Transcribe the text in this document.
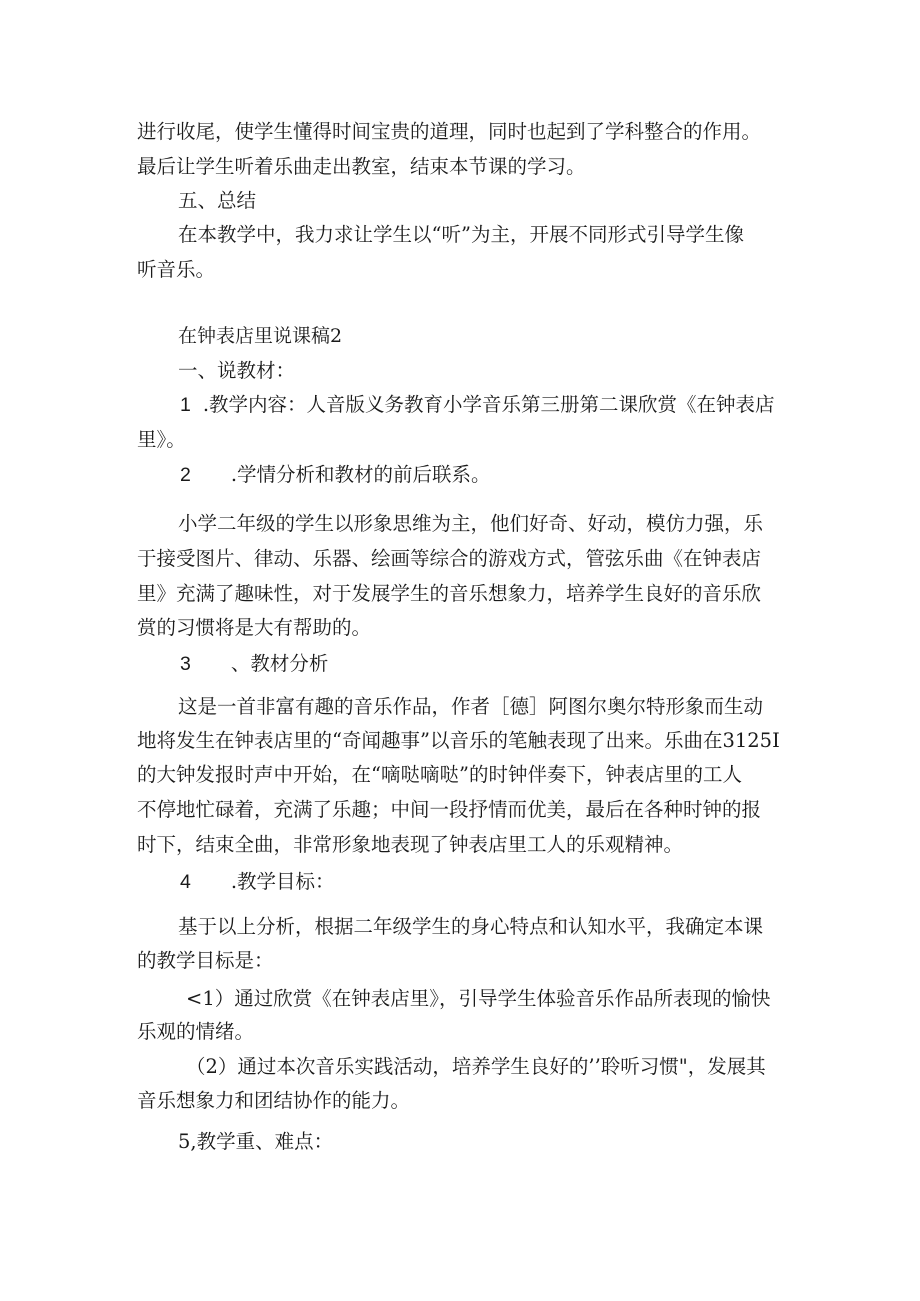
进行收尾，使学生懂得时间宝贵的道理，同时也起到了学科整合的作用。
最后让学生听着乐曲走出教室，结束本节课的学习。
五、总结
在本教学中，我力求让学生以“听”为主，开展不同形式引导学生像
听音乐。
在钟表店里说课稿2
一、说教材：
1 .教学内容：人音版义务教育小学音乐第三册第二课欣赏《在钟表店
里》。
2 .学情分析和教材的前后联系。
小学二年级的学生以形象思维为主，他们好奇、好动，模仿力强，乐
于接受图片、律动、乐器、绘画等综合的游戏方式，管弦乐曲《在钟表店
里》充满了趣味性，对于发展学生的音乐想象力，培养学生良好的音乐欣
赏的习惯将是大有帮助的。
3 、教材分析
这是一首非富有趣的音乐作品，作者［德］阿图尔奥尔特形象而生动
地将发生在钟表店里的“奇闻趣事”以音乐的笔触表现了出来。乐曲在3125I
的大钟发报时声中开始，在“嘀哒嘀哒”的时钟伴奏下，钟表店里的工人
不停地忙碌着，充满了乐趣；中间一段抒情而优美，最后在各种时钟的报
时下，结束全曲，非常形象地表现了钟表店里工人的乐观精神。
4 .教学目标：
基于以上分析，根据二年级学生的身心特点和认知水平，我确定本课
的教学目标是：
<1）通过欣赏《在钟表店里》，引导学生体验音乐作品所表现的愉快
乐观的情绪。
（2）通过本次音乐实践活动，培养学生良好的’’聆听习惯"，发展其
音乐想象力和团结协作的能力。
5,教学重、难点：
